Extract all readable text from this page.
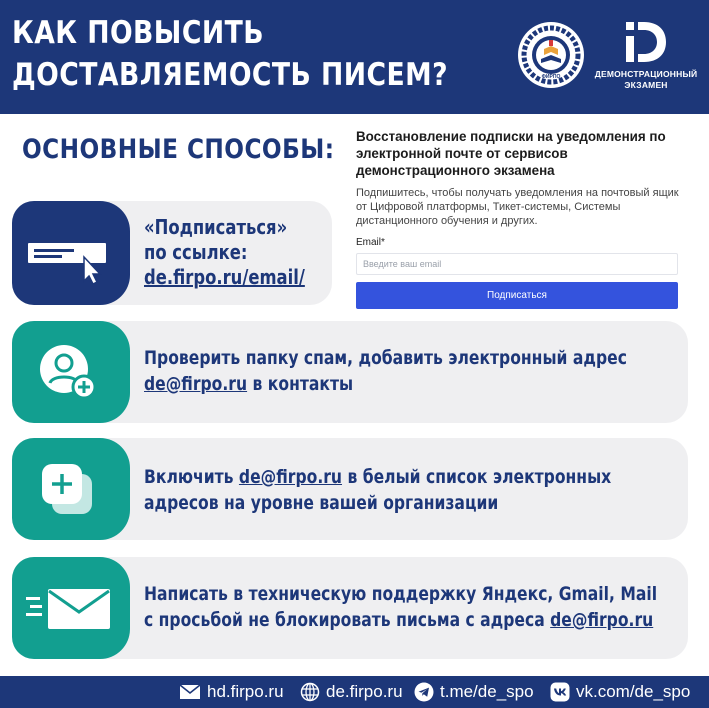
КАК ПОВЫСИТЬ
ДОСТАВЛЯЕМОСТЬ ПИСЕМ?	ФИРПО	ДЕМОНСТРАЦИОННЫЙ
ЭКЗАМЕН
ОСНОВНЫЕ СПОСОБЫ: Восстановление подписки на уведомления по электронной почте от сервисов демонстрационного экзамена
Подпишитесь, чтобы получать уведомления на почтовый ящик от Цифровой платформы, Тикет-системы, Системы дистанционного обучения и других.
Email*
Введите ваш email
Подписаться
«Подписаться»
по ссылке:
de.firpo.ru/email/
Проверить папку спам, добавить электронный адрес
de@firpo.ru в контакты
Включить de@firpo.ru в белый список электронных
адресов на уровне вашей организации
Написать в техническую поддержку Яндекс, Gmail, Mail
с просьбой не блокировать письма с адреса de@firpo.ru
hd.firpo.ru de.firpo.ru t.me/de_spo vk.com/de_spo
